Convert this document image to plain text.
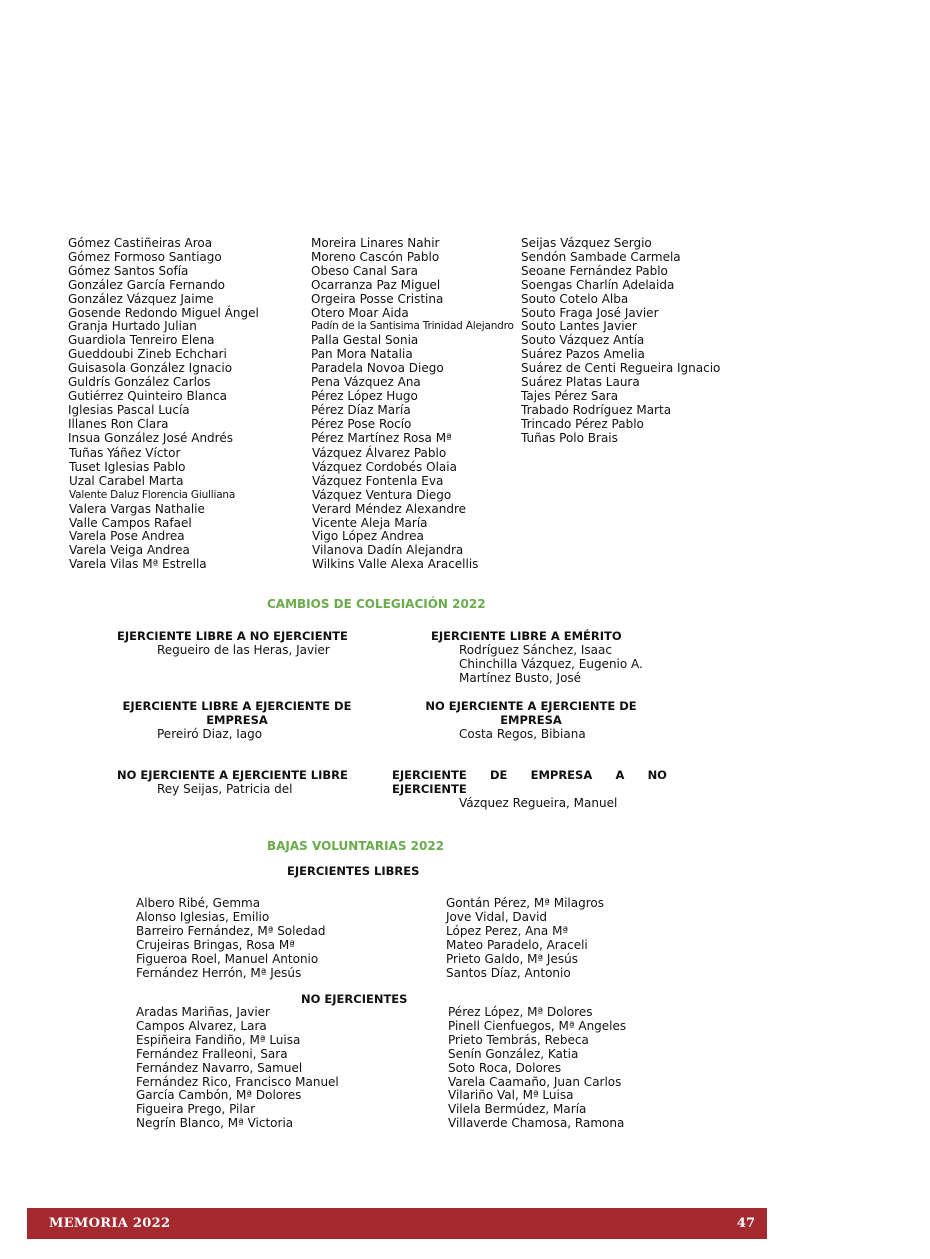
Gómez Castiñeiras Aroa
Gómez Formoso Santiago
Gómez Santos Sofía
González García Fernando
González Vázquez Jaime
Gosende Redondo Miguel Ángel
Granja Hurtado Julian
Guardiola Tenreiro Elena
Gueddoubi Zineb Echchari
Guisasola González Ignacio
Guldrís González Carlos
Gutiérrez Quinteiro Blanca
Iglesias Pascal Lucía
Illanes Ron Clara
Insua González José Andrés
Tuñas Yáñez Víctor
Tuset Iglesias Pablo
Uzal Carabel Marta
Valente Daluz Florencia Giulliana
Valera Vargas Nathalie
Valle Campos Rafael
Varela Pose Andrea
Varela Veiga Andrea
Varela Vilas Mª Estrella
Moreira Linares Nahir
Moreno Cascón Pablo
Obeso Canal Sara
Ocarranza Paz Miguel
Orgeira Posse Cristina
Otero Moar Aida
Padín de la Santisima Trinidad Alejandro
Palla Gestal Sonia
Pan Mora Natalia
Paradela Novoa Diego
Pena Vázquez Ana
Pérez López Hugo
Pérez Díaz María
Pérez Pose Rocío
Pérez Martínez Rosa Mª
Vázquez Álvarez Pablo
Vázquez Cordobés Olaia
Vázquez Fontenla Eva
Vázquez Ventura Diego
Verard Méndez Alexandre
Vicente Aleja María
Vigo López Andrea
Vilanova Dadín Alejandra
Wilkins Valle Alexa Aracellis
Seijas Vázquez Sergio
Sendón Sambade Carmela
Seoane Fernández Pablo
Soengas Charlín Adelaida
Souto Cotelo Alba
Souto Fraga José Javier
Souto Lantes Javier
Souto Vázquez Antía
Suárez Pazos Amelia
Suárez de Centi Regueira Ignacio
Suárez Platas Laura
Tajes Pérez Sara
Trabado Rodríguez Marta
Trincado Pérez Pablo
Tuñas Polo Brais
CAMBIOS DE COLEGIACIÓN 2022
EJERCIENTE LIBRE A NO EJERCIENTE
Regueiro de las Heras, Javier
EJERCIENTE LIBRE A EMÉRITO
Rodríguez Sánchez, Isaac
Chinchilla Vázquez, Eugenio A.
Martínez Busto, José
EJERCIENTE LIBRE A EJERCIENTE DE EMPRESA
Pereiró Diaz, Iago
NO EJERCIENTE A EJERCIENTE DE EMPRESA
Costa Regos, Bibiana
NO EJERCIENTE A EJERCIENTE LIBRE
Rey Seijas, Patricia del
EJERCIENTE DE EMPRESA A NO
EJERCIENTE
Vázquez Regueira, Manuel
BAJAS VOLUNTARIAS 2022
EJERCIENTES LIBRES
Albero Ribé, Gemma
Alonso Iglesias, Emilio
Barreiro Fernández, Mª Soledad
Crujeiras Bringas, Rosa Mª
Figueroa Roel, Manuel Antonio
Fernández Herrón, Mª Jesús
Gontán Pérez, Mª Milagros
Jove Vidal, David
López Perez, Ana Mª
Mateo Paradelo, Araceli
Prieto Galdo, Mª Jesús
Santos Díaz, Antonio
NO EJERCIENTES
Aradas Mariñas, Javier
Campos Alvarez, Lara
Espiñeira Fandiño, Mª Luisa
Fernández Fralleoni, Sara
Fernández Navarro, Samuel
Fernández Rico, Francisco Manuel
García Cambón, Mª Dolores
Figueira Prego, Pilar
Negrín Blanco, Mª Victoria
Pérez López, Mª Dolores
Pinell Cienfuegos, Mª Angeles
Prieto Tembrás, Rebeca
Senín González, Katia
Soto Roca, Dolores
Varela Caamaño, Juan Carlos
Vilariño Val, Mª Luisa
Vilela Bermúdez, María
Villaverde Chamosa, Ramona
MEMORIA 2022	47
